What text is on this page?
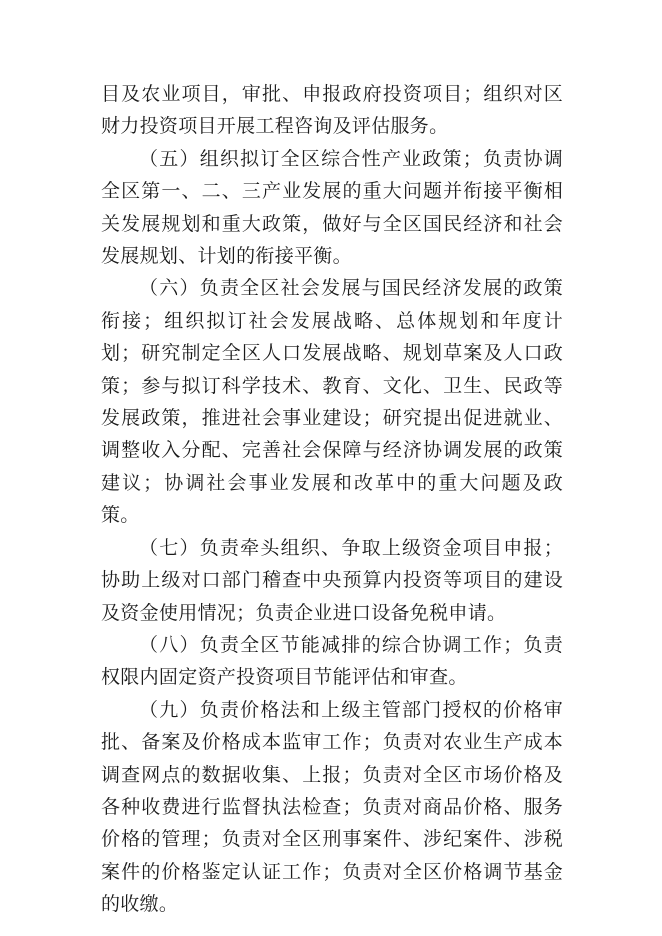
目及农业项目，审批、申报政府投资项目；组织对区财力投资项目开展工程咨询及评估服务。

（五）组织拟订全区综合性产业政策；负责协调全区第一、二、三产业发展的重大问题并衔接平衡相关发展规划和重大政策，做好与全区国民经济和社会发展规划、计划的衔接平衡。

（六）负责全区社会发展与国民经济发展的政策衔接；组织拟订社会发展战略、总体规划和年度计划；研究制定全区人口发展战略、规划草案及人口政策；参与拟订科学技术、教育、文化、卫生、民政等发展政策，推进社会事业建设；研究提出促进就业、调整收入分配、完善社会保障与经济协调发展的政策建议；协调社会事业发展和改革中的重大问题及政策。

（七）负责牵头组织、争取上级资金项目申报；协助上级对口部门稽查中央预算内投资等项目的建设及资金使用情况；负责企业进口设备免税申请。

（八）负责全区节能减排的综合协调工作；负责权限内固定资产投资项目节能评估和审查。

（九）负责价格法和上级主管部门授权的价格审批、备案及价格成本监审工作；负责对农业生产成本调查网点的数据收集、上报；负责对全区市场价格及各种收费进行监督执法检查；负责对商品价格、服务价格的管理；负责对全区刑事案件、涉纪案件、涉税案件的价格鉴定认证工作；负责对全区价格调节基金的收缴。
